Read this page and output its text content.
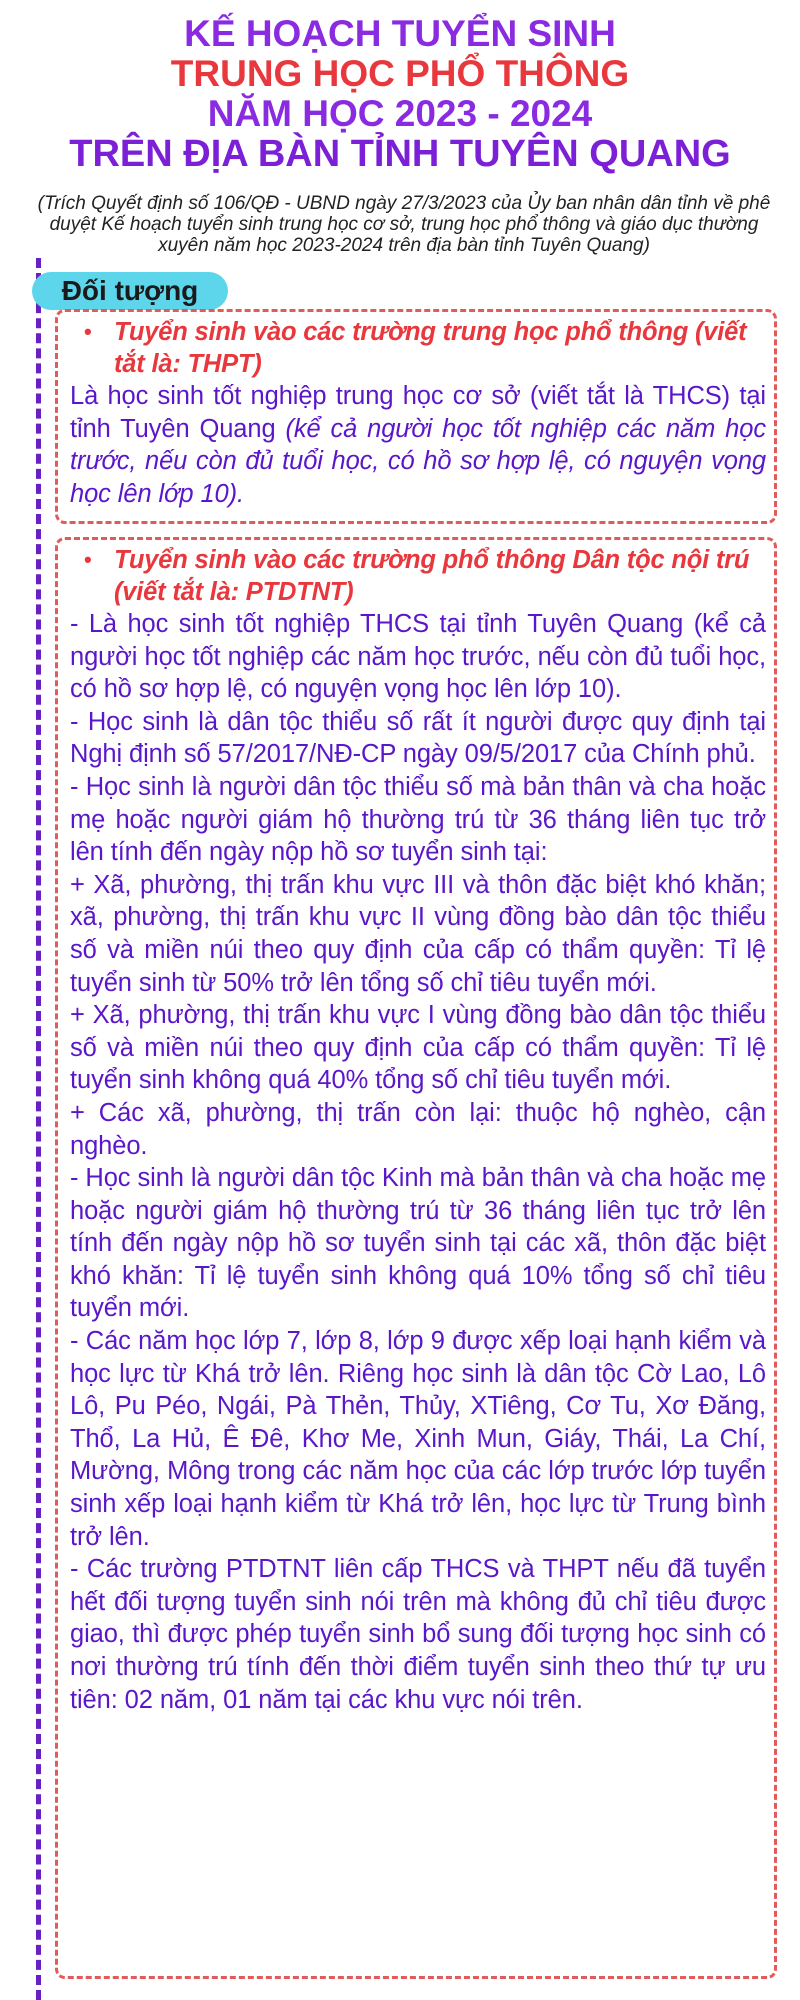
KẾ HOẠCH TUYỂN SINH

TRUNG HỌC PHỔ THÔNG

NĂM HỌC 2023 - 2024

TRÊN ĐỊA BÀN TỈNH TUYÊN QUANG

(Trích Quyết định số 106/QĐ - UBND ngày 27/3/2023 của Ủy ban nhân dân tỉnh về phê duyệt Kế hoạch tuyển sinh trung học cơ sở, trung học phổ thông và giáo dục thường xuyên năm học 2023-2024 trên địa bàn tỉnh Tuyên Quang)

Đối tượng
• Tuyển sinh vào các trường trung học phổ thông (viết tắt là: THPT)

Là học sinh tốt nghiệp trung học cơ sở (viết tắt là THCS) tại tỉnh Tuyên Quang (kể cả người học tốt nghiệp các năm học trước, nếu còn đủ tuổi học, có hồ sơ hợp lệ, có nguyện vọng học lên lớp 10).

• Tuyển sinh vào các trường phổ thông Dân tộc nội trú (viết tắt là: PTDTNT)

- Là học sinh tốt nghiệp THCS tại tỉnh Tuyên Quang (kể cả người học tốt nghiệp các năm học trước, nếu còn đủ tuổi học, có hồ sơ hợp lệ, có nguyện vọng học lên lớp 10).

- Học sinh là dân tộc thiểu số rất ít người được quy định tại Nghị định số 57/2017/NĐ-CP ngày 09/5/2017 của Chính phủ.

- Học sinh là người dân tộc thiểu số mà bản thân và cha hoặc mẹ hoặc người giám hộ thường trú từ 36 tháng liên tục trở lên tính đến ngày nộp hồ sơ tuyển sinh tại:

+ Xã, phường, thị trấn khu vực III và thôn đặc biệt khó khăn; xã, phường, thị trấn khu vực II vùng đồng bào dân tộc thiểu số và miền núi theo quy định của cấp có thẩm quyền: Tỉ lệ tuyển sinh từ 50% trở lên tổng số chỉ tiêu tuyển mới.

+ Xã, phường, thị trấn khu vực I vùng đồng bào dân tộc thiểu số và miền núi theo quy định của cấp có thẩm quyền: Tỉ lệ tuyển sinh không quá 40% tổng số chỉ tiêu tuyển mới.

+ Các xã, phường, thị trấn còn lại: thuộc hộ nghèo, cận nghèo.

- Học sinh là người dân tộc Kinh mà bản thân và cha hoặc mẹ hoặc người giám hộ thường trú từ 36 tháng liên tục trở lên tính đến ngày nộp hồ sơ tuyển sinh tại các xã, thôn đặc biệt khó khăn: Tỉ lệ tuyển sinh không quá 10% tổng số chỉ tiêu tuyển mới.

- Các năm học lớp 7, lớp 8, lớp 9 được xếp loại hạnh kiểm và học lực từ Khá trở lên. Riêng học sinh là dân tộc Cờ Lao, Lô Lô, Pu Péo, Ngái, Pà Thẻn, Thủy, XTiêng, Cơ Tu, Xơ Đăng, Thổ, La Hủ, Ê Đê, Khơ Me, Xinh Mun, Giáy, Thái, La Chí, Mường, Mông trong các năm học của các lớp trước lớp tuyển sinh xếp loại hạnh kiểm từ Khá trở lên, học lực từ Trung bình trở lên.

- Các trường PTDTNT liên cấp THCS và THPT nếu đã tuyển hết đối tượng tuyển sinh nói trên mà không đủ chỉ tiêu được giao, thì được phép tuyển sinh bổ sung đối tượng học sinh có nơi thường trú tính đến thời điểm tuyển sinh theo thứ tự ưu tiên: 02 năm, 01 năm tại các khu vực nói trên.
